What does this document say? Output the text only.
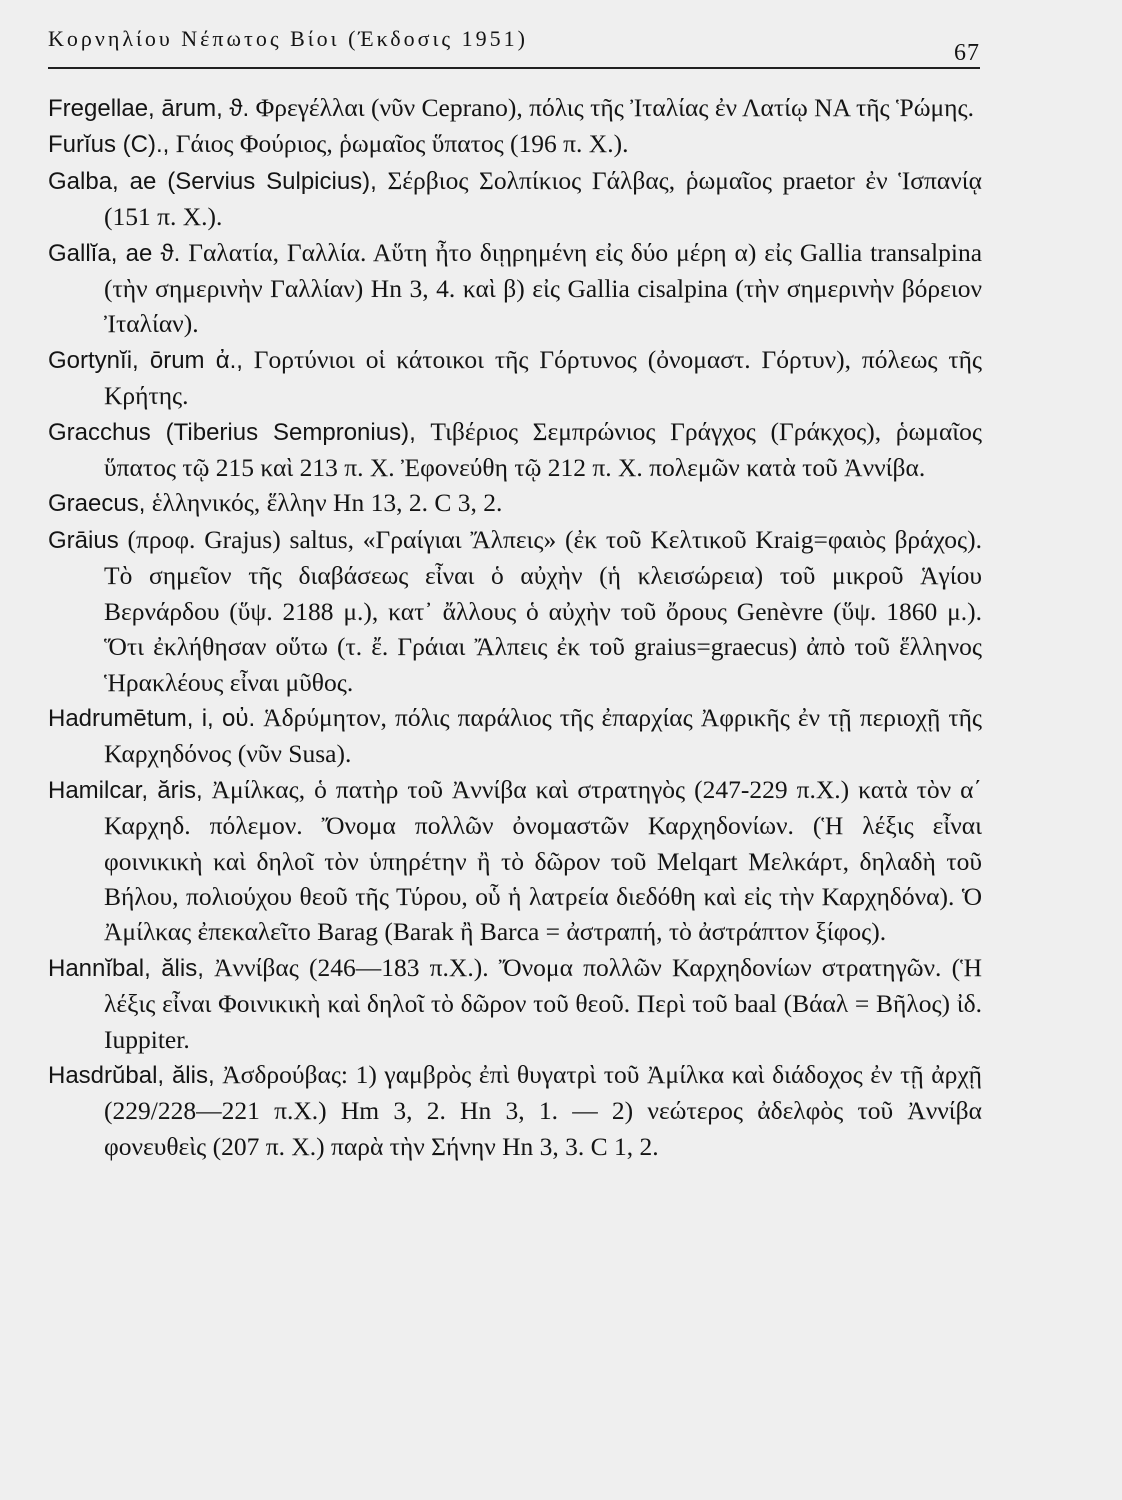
Κορνηλίου Νέπωτος Βίοι (Έκδοσις 1951)
67

Fregellae, ārum, ϑ. Φρεγέλλαι (νῦν Cepranο), πόλις τῆς Ἰταλίας ἐν Λατίῳ ΝΑ τῆς Ῥώμης.

Furĭus (C)., Γάιος Φούριος, ῥωμαῖος ὕπατος (196 π. Χ.).

Galba, ae (Servius Sulpicius), Σέρβιος Σολπίκιος Γάλβας, ῥωμαῖος praetor ἐν Ἱσπανίᾳ (151 π. Χ.).

Gallĭa, ae ϑ. Γαλατία, Γαλλία. Αὕτη ἦτο διῃρημένη εἰς δύο μέρη α) εἰς Gallia transalpina (τὴν σημερινὴν Γαλλίαν) Hn 3, 4. καὶ β) εἰς Gallia cisalpina (τὴν σημερινὴν βόρειον Ἰταλίαν).

Gortynĭi, ōrum ἀ., Γορτύνιοι οἱ κάτοικοι τῆς Γόρτυνος (ὀνομαστ. Γόρτυν), πόλεως τῆς Κρήτης.

Gracchus (Tiberius Sempronius), Τιβέριος Σεμπρώνιος Γράγχος (Γράκχος), ῥωμαῖος ὕπατος τῷ 215 καὶ 213 π. Χ. Ἐφονεύθη τῷ 212 π. Χ. πολεμῶν κατὰ τοῦ Ἀννίβα.

Graecus, ἑλληνικός, ἕλλην Hn 13, 2. C 3, 2.

Grāius (προφ. Grajus) saltus, «Γραίγιαι Ἄλπεις» (ἐκ τοῦ Κελτικοῦ Kraig=φαιὸς βράχος). Τὸ σημεῖον τῆς διαβάσεως εἶναι ὁ αὐχὴν (ἡ κλεισώρεια) τοῦ μικροῦ Ἁγίου Βερνάρδου (ὕψ. 2188 μ.), κατ᾽ ἄλλους ὁ αὐχὴν τοῦ ὄρους Genèvre (ὕψ. 1860 μ.). Ὅτι ἐκλήθησαν οὕτω (τ. ἔ. Γράιαι Ἄλπεις ἐκ τοῦ graius=graecus) ἀπὸ τοῦ ἕλληνος Ἡρακλέους εἶναι μῦθος.

Hadrumētum, i, οὐ. Ἁδρύμητον, πόλις παράλιος τῆς ἐπαρχίας Ἀφρικῆς ἐν τῇ περιοχῇ τῆς Καρχηδόνος (νῦν Susa).

Hamilcar, ăris, Ἀμίλκας, ὁ πατὴρ τοῦ Ἀννίβα καὶ στρατηγὸς (247-229 π.Χ.) κατὰ τὸν α΄ Καρχηδ. πόλεμον. Ὄνομα πολλῶν ὀνομαστῶν Καρχηδονίων. (Ἡ λέξις εἶναι φοινικικὴ καὶ δηλοῖ τὸν ὑπηρέτην ἢ τὸ δῶρον τοῦ Melqart Μελκάρτ, δηλαδὴ τοῦ Βήλου, πολιούχου θεοῦ τῆς Τύρου, οὗ ἡ λατρεία διεδόθη καὶ εἰς τὴν Καρχηδόνα). Ὁ Ἀμίλκας ἐπεκαλεῖτο Barag (Barak ἢ Barca = ἀστραπή, τὸ ἀστράπτον ξίφος).

Hannĭbal, ălis, Ἀννίβας (246—183 π.Χ.). Ὄνομα πολλῶν Καρχηδονίων στρατηγῶν. (Ἡ λέξις εἶναι Φοινικικὴ καὶ δηλοῖ τὸ δῶρον τοῦ θεοῦ. Περὶ τοῦ baal (Βάαλ = Βῆλος) ἰδ. Iuppiter.

Hasdrŭbal, ălis, Ἀσδρούβας: 1) γαμβρὸς ἐπὶ θυγατρὶ τοῦ Ἀμίλκα καὶ διάδοχος ἐν τῇ ἀρχῇ (229/228—221 π.Χ.) Hm 3, 2. Hn 3, 1. — 2) νεώτερος ἀδελφὸς τοῦ Ἀννίβα φονευθεὶς (207 π. Χ.) παρὰ τὴν Σήνην Hn 3, 3. C 1, 2.
